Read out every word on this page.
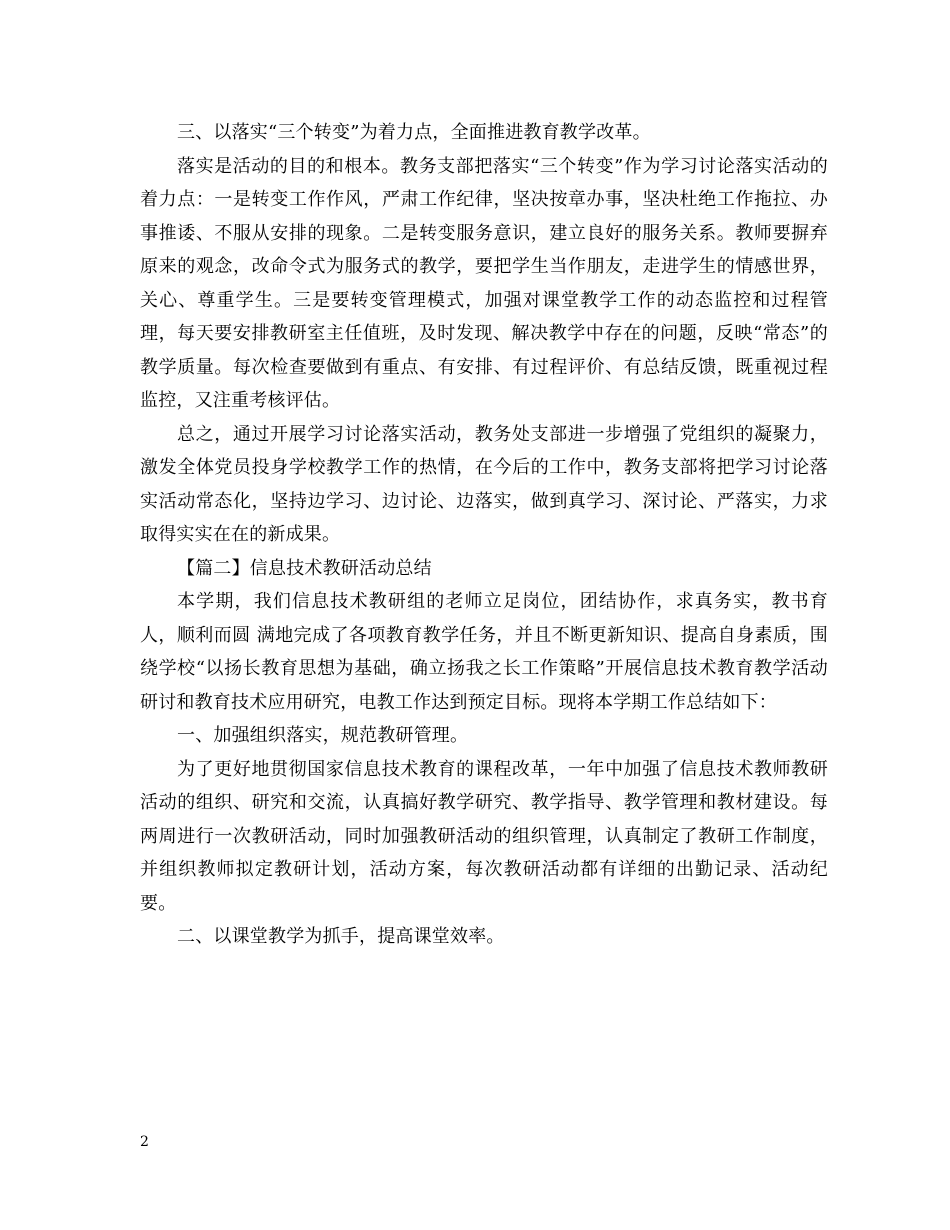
三、以落实“三个转变”为着力点，全面推进教育教学改革。

落实是活动的目的和根本。教务支部把落实“三个转变”作为学习讨论落实活动的着力点：一是转变工作作风，严肃工作纪律，坚决按章办事，坚决杜绝工作拖拉、办事推诿、不服从安排的现象。二是转变服务意识，建立良好的服务关系。教师要摒弃原来的观念，改命令式为服务式的教学，要把学生当作朋友，走进学生的情感世界，关心、尊重学生。三是要转变管理模式，加强对课堂教学工作的动态监控和过程管理，每天要安排教研室主任值班，及时发现、解决教学中存在的问题，反映“常态”的教学质量。每次检查要做到有重点、有安排、有过程评价、有总结反馈，既重视过程监控，又注重考核评估。

总之，通过开展学习讨论落实活动，教务处支部进一步增强了党组织的凝聚力，激发全体党员投身学校教学工作的热情，在今后的工作中，教务支部将把学习讨论落实活动常态化，坚持边学习、边讨论、边落实，做到真学习、深讨论、严落实，力求取得实实在在的新成果。

【篇二】信息技术教研活动总结

本学期，我们信息技术教研组的老师立足岗位，团结协作，求真务实，教书育人，顺利而圆 满地完成了各项教育教学任务，并且不断更新知识、提高自身素质，围绕学校“以扬长教育思想为基础，确立扬我之长工作策略”开展信息技术教育教学活动研讨和教育技术应用研究，电教工作达到预定目标。现将本学期工作总结如下：

一、加强组织落实，规范教研管理。

为了更好地贯彻国家信息技术教育的课程改革，一年中加强了信息技术教师教研活动的组织、研究和交流，认真搞好教学研究、教学指导、教学管理和教材建设。每两周进行一次教研活动，同时加强教研活动的组织管理，认真制定了教研工作制度，并组织教师拟定教研计划，活动方案，每次教研活动都有详细的出勤记录、活动纪要。

二、以课堂教学为抓手，提高课堂效率。

2
